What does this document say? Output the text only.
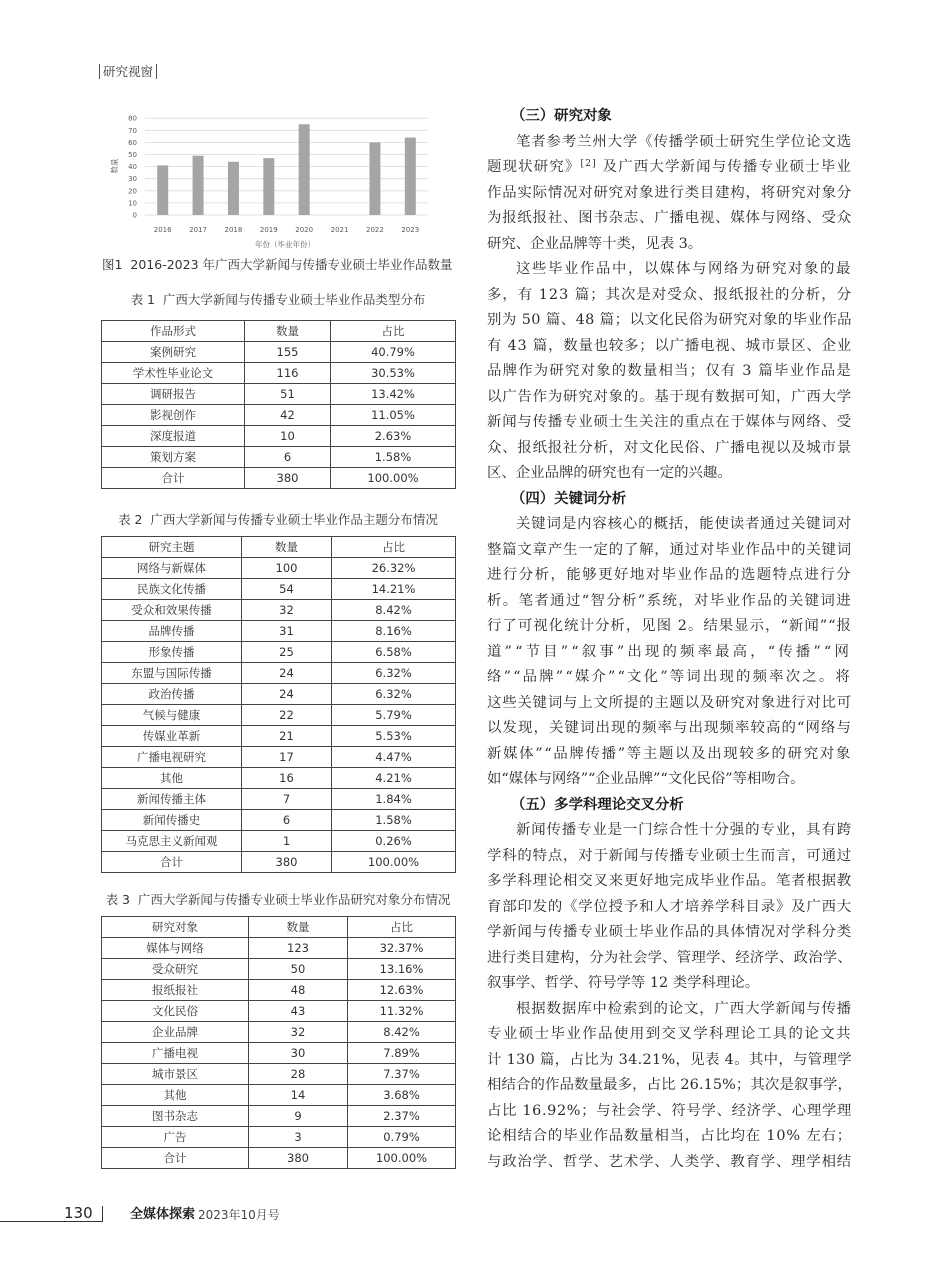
研究视窗
0
10
20
30
40
50
60
70
80
2016	2017	2018	2019	2020	2021	2022	2023
年份（毕业年份）
数量
图1  2016-2023 年广西大学新闻与传播专业硕士毕业作品数量
表 1  广西大学新闻与传播专业硕士毕业作品类型分布
作品形式	数量	占比
案例研究	155	40.79%
学术性毕业论文	116	30.53%
调研报告	51	13.42%
影视创作	42	11.05%
深度报道	10	2.63%
策划方案	6	1.58%
合计	380	100.00%
表 2  广西大学新闻与传播专业硕士毕业作品主题分布情况
研究主题	数量	占比
网络与新媒体	100	26.32%
民族文化传播	54	14.21%
受众和效果传播	32	8.42%
品牌传播	31	8.16%
形象传播	25	6.58%
东盟与国际传播	24	6.32%
政治传播	24	6.32%
气候与健康	22	5.79%
传媒业革新	21	5.53%
广播电视研究	17	4.47%
其他	16	4.21%
新闻传播主体	7	1.84%
新闻传播史	6	1.58%
马克思主义新闻观	1	0.26%
合计	380	100.00%
表 3  广西大学新闻与传播专业硕士毕业作品研究对象分布情况
研究对象	数量	占比
媒体与网络	123	32.37%
受众研究	50	13.16%
报纸报社	48	12.63%
文化民俗	43	11.32%
企业品牌	32	8.42%
广播电视	30	7.89%
城市景区	28	7.37%
其他	14	3.68%
图书杂志	9	2.37%
广告	3	0.79%
合计	380	100.00%
（三）研究对象
笔者参考兰州大学《传播学硕士研究生学位论文选
题现状研究》[2] 及广西大学新闻与传播专业硕士毕业
作品实际情况对研究对象进行类目建构，将研究对象分
为报纸报社、图书杂志、广播电视、媒体与网络、受众
研究、企业品牌等十类，见表 3。
这些毕业作品中，以媒体与网络为研究对象的最
多，有 123 篇；其次是对受众、报纸报社的分析，分
别为 50 篇、48 篇；以文化民俗为研究对象的毕业作品
有 43 篇，数量也较多；以广播电视、城市景区、企业
品牌作为研究对象的数量相当；仅有 3 篇毕业作品是
以广告作为研究对象的。基于现有数据可知，广西大学
新闻与传播专业硕士生关注的重点在于媒体与网络、受
众、报纸报社分析，对文化民俗、广播电视以及城市景
区、企业品牌的研究也有一定的兴趣。
（四）关键词分析
关键词是内容核心的概括，能使读者通过关键词对
整篇文章产生一定的了解，通过对毕业作品中的关键词
进行分析，能够更好地对毕业作品的选题特点进行分
析。笔者通过“智分析”系统，对毕业作品的关键词进
行了可视化统计分析，见图 2。结果显示，“新闻”“报
道”“节目”“叙事”出现的频率最高，“传播”“网
络”“品牌”“媒介”“文化”等词出现的频率次之。将
这些关键词与上文所提的主题以及研究对象进行对比可
以发现，关键词出现的频率与出现频率较高的“网络与
新媒体”“品牌传播”等主题以及出现较多的研究对象
如“媒体与网络”“企业品牌”“文化民俗”等相吻合。
（五）多学科理论交叉分析
新闻传播专业是一门综合性十分强的专业，具有跨
学科的特点，对于新闻与传播专业硕士生而言，可通过
多学科理论相交叉来更好地完成毕业作品。笔者根据教
育部印发的《学位授予和人才培养学科目录》及广西大
学新闻与传播专业硕士毕业作品的具体情况对学科分类
进行类目建构，分为社会学、管理学、经济学、政治学、
叙事学、哲学、符号学等 12 类学科理论。
根据数据库中检索到的论文，广西大学新闻与传播
专业硕士毕业作品使用到交叉学科理论工具的论文共
计 130 篇，占比为 34.21%，见表 4。其中，与管理学
相结合的作品数量最多，占比 26.15%；其次是叙事学，
占比 16.92%；与社会学、符号学、经济学、心理学理
论相结合的毕业作品数量相当，占比均在 10% 左右；
与政治学、哲学、艺术学、人类学、教育学、理学相结
130	全媒体探索 2023年10月号
